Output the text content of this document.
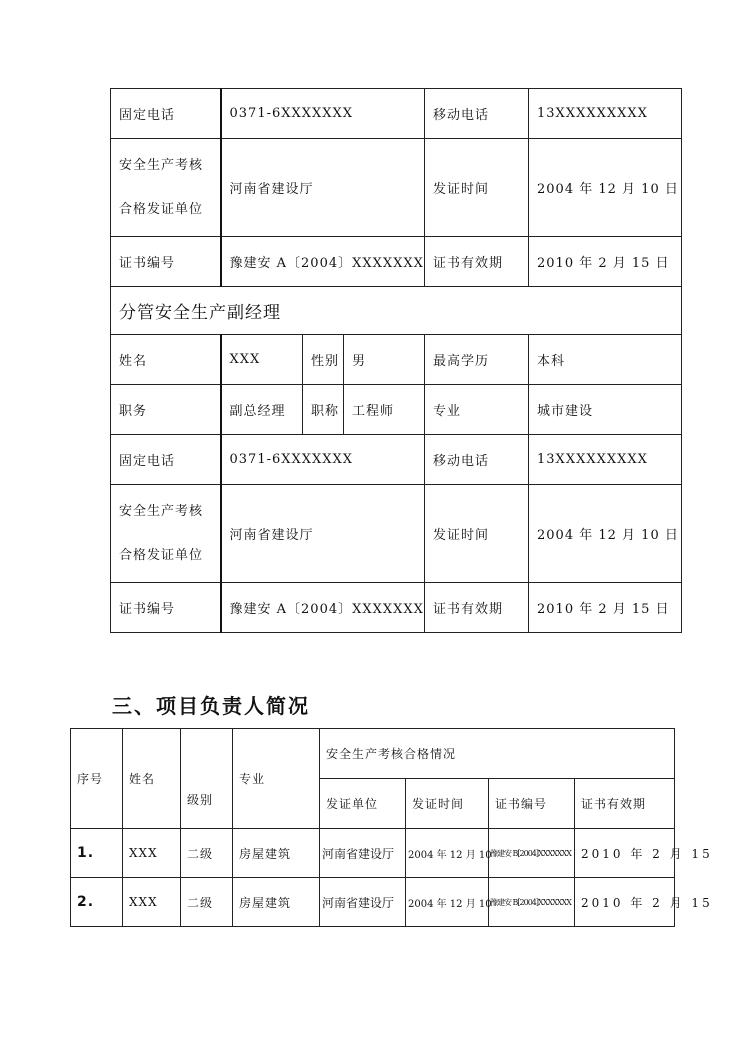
固定电话	0371-6XXXXXXX			移动电话	13XXXXXXXXX
安全生产考核
合格发证单位	河南省建设厅			发证时间	2004 年 12 月 10 日
证书编号	豫建安 A〔2004〕XXXXXXX			证书有效期	2010 年 2 月 15 日
分管安全生产副经理					
姓名	XXX	性别	男	最高学历	本科
职务	副总经理	职称	工程师	专业	城市建设
固定电话	0371-6XXXXXXX			移动电话	13XXXXXXXXX
安全生产考核
合格发证单位	河南省建设厅			发证时间	2004 年 12 月 10 日
证书编号	豫建安 A〔2004〕XXXXXXX			证书有效期	2010 年 2 月 15 日
三、项目负责人简况
序号	姓名	级别	专业	安全生产考核合格情况			
				发证单位	发证时间	证书编号	证书有效期
1.	XXX	二级	房屋建筑	河南省建设厅	2004 年 12 月 10	豫建安 B[2004]XXXXXXX	2010 年 2 月 15
2.	XXX	二级	房屋建筑	河南省建设厅	2004 年 12 月 10	豫建安 B[2004]XXXXXXX	2010 年 2 月 15
